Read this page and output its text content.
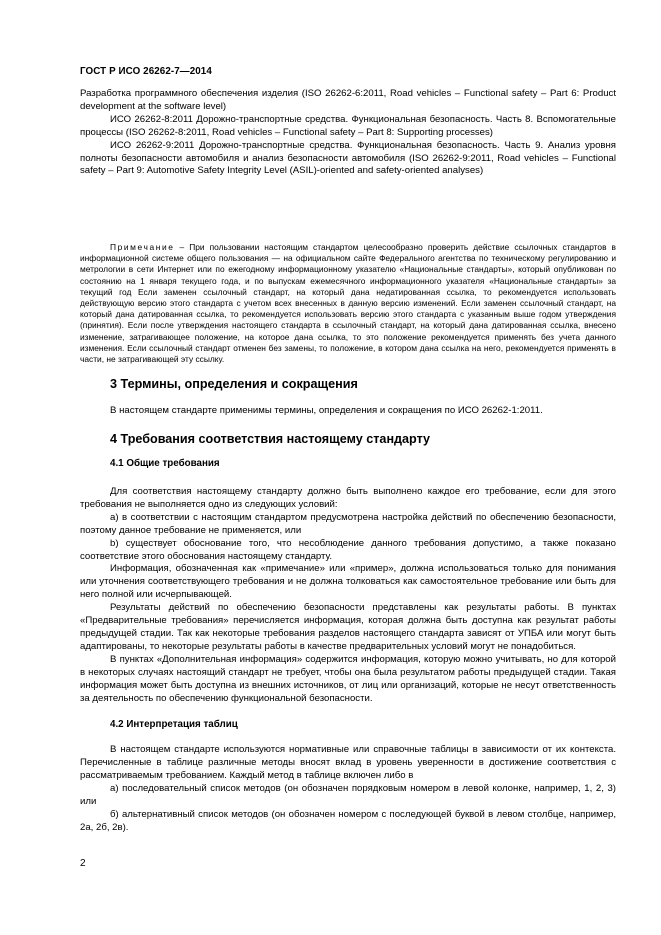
ГОСТ Р ИСО 26262-7—2014

Разработка программного обеспечения изделия (ISO 26262-6:2011, Road vehicles – Functional safety – Part 6: Product development at the software level)

ИСО 26262-8:2011 Дорожно-транспортные средства. Функциональная безопасность. Часть 8. Вспомогательные процессы (ISO 26262-8:2011, Road vehicles – Functional safety – Part 8: Supporting processes)

ИСО 26262-9:2011 Дорожно-транспортные средства. Функциональная безопасность. Часть 9. Анализ уровня полноты безопасности автомобиля и анализ безопасности автомобиля (ISO 26262-9:2011, Road vehicles – Functional safety – Part 9: Automotive Safety Integrity Level (ASIL)-oriented and safety-oriented analyses)

Примечание – При пользовании настоящим стандартом целесообразно проверить действие ссылочных стандартов в информационной системе общего пользования — на официальном сайте Федерального агентства по техническому регулированию и метрологии в сети Интернет или по ежегодному информационному указателю «Национальные стандарты», который опубликован по состоянию на 1 января текущего года, и по выпускам ежемесячного информационного указателя «Национальные стандарты» за текущий год Если заменен ссылочный стандарт, на который дана недатированная ссылка, то рекомендуется использовать действующую версию этого стандарта с учетом всех внесенных в данную версию изменений. Если заменен ссылочный стандарт, на который дана датированная ссылка, то рекомендуется использовать версию этого стандарта с указанным выше годом утверждения (принятия). Если после утверждения настоящего стандарта в ссылочный стандарт, на который дана датированная ссылка, внесено изменение, затрагивающее положение, на которое дана ссылка, то это положение рекомендуется применять без учета данного изменения. Если ссылочный стандарт отменен без замены, то положение, в котором дана ссылка на него, рекомендуется применять в части, не затрагивающей эту ссылку.

3 Термины, определения и сокращения

В настоящем стандарте применимы термины, определения и сокращения по ИСО 26262-1:2011.

4 Требования соответствия настоящему стандарту
4.1 Общие требования

Для соответствия настоящему стандарту должно быть выполнено каждое его требование, если для этого требования не выполняется одно из следующих условий:

а) в соответствии с настоящим стандартом предусмотрена настройка действий по обеспечению безопасности, поэтому данное требование не применяется, или

b) существует обоснование того, что несоблюдение данного требования допустимо, а также показано соответствие этого обоснования настоящему стандарту.

Информация, обозначенная как «примечание» или «пример», должна использоваться только для понимания или уточнения соответствующего требования и не должна толковаться как самостоятельное требование или быть для него полной или исчерпывающей.

Результаты действий по обеспечению безопасности представлены как результаты работы. В пунктах «Предварительные требования» перечисляется информация, которая должна быть доступна как результат работы предыдущей стадии. Так как некоторые требования разделов настоящего стандарта зависят от УПБА или могут быть адаптированы, то некоторые результаты работы в качестве предварительных условий могут не понадобиться.

В пунктах «Дополнительная информация» содержится информация, которую можно учитывать, но для которой в некоторых случаях настоящий стандарт не требует, чтобы она была результатом работы предыдущей стадии. Такая информация может быть доступна из внешних источников, от лиц или организаций, которые не несут ответственность за деятельность по обеспечению функциональной безопасности.

4.2 Интерпретация таблиц

В настоящем стандарте используются нормативные или справочные таблицы в зависимости от их контекста. Перечисленные в таблице различные методы вносят вклад в уровень уверенности в достижение соответствия с рассматриваемым требованием. Каждый метод в таблице включен либо в

а) последовательный список методов (он обозначен порядковым номером в левой колонке, например, 1, 2, 3) или

б) альтернативный список методов (он обозначен номером с последующей буквой в левом столбце, например, 2а, 2б, 2в).

2
